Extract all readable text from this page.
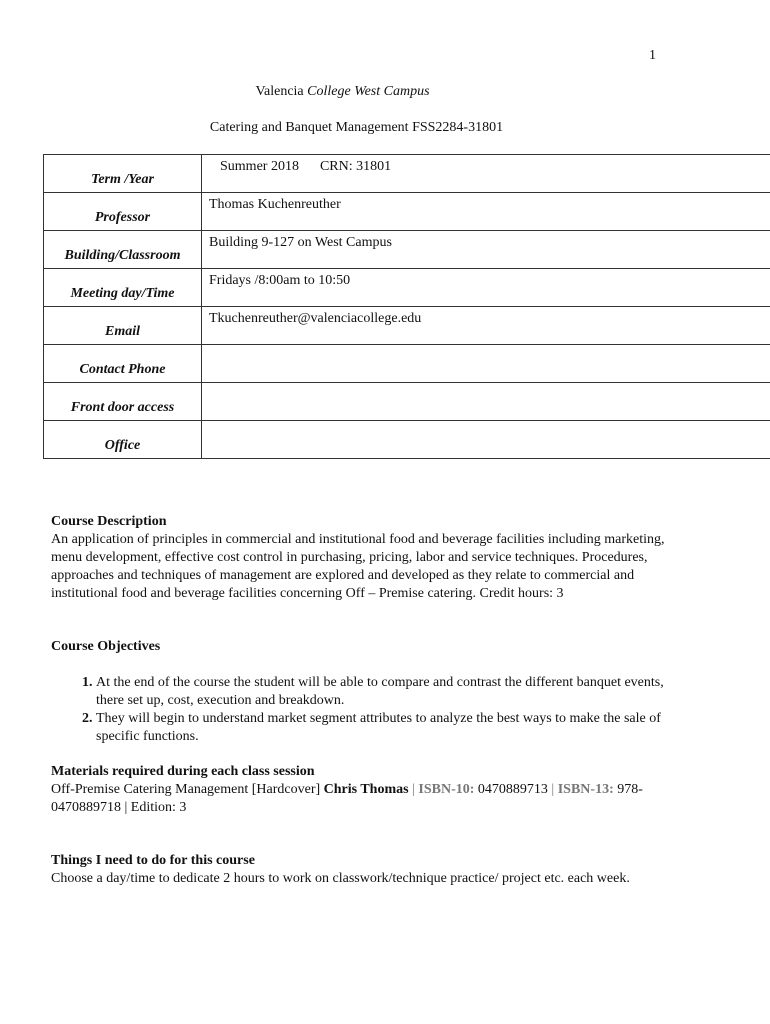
1
Valencia College West Campus
Catering and Banquet Management FSS2284-31801
Term /Year	Summer 2018      CRN: 31801
Professor	Thomas Kuchenreuther
Building/Classroom	Building 9-127 on West Campus
Meeting day/Time	Fridays /8:00am to 10:50
Email	Tkuchenreuther@valenciacollege.edu
Contact Phone	
Front door access	
Office	
Course Description
An application of principles in commercial and institutional food and beverage facilities including marketing, menu development, effective cost control in purchasing, pricing, labor and service techniques. Procedures, approaches and techniques of management are explored and developed as they relate to commercial and institutional food and beverage facilities concerning Off – Premise catering. Credit hours: 3
Course Objectives
1. At the end of the course the student will be able to compare and contrast the different banquet events, there set up, cost, execution and breakdown.
2. They will begin to understand market segment attributes to analyze the best ways to make the sale of specific functions.
Materials required during each class session
Off-Premise Catering Management [Hardcover] Chris Thomas | ISBN-10: 0470889713 | ISBN-13: 978-0470889718 | Edition: 3
Things I need to do for this course
Choose a day/time to dedicate 2 hours to work on classwork/technique practice/ project etc. each week.
